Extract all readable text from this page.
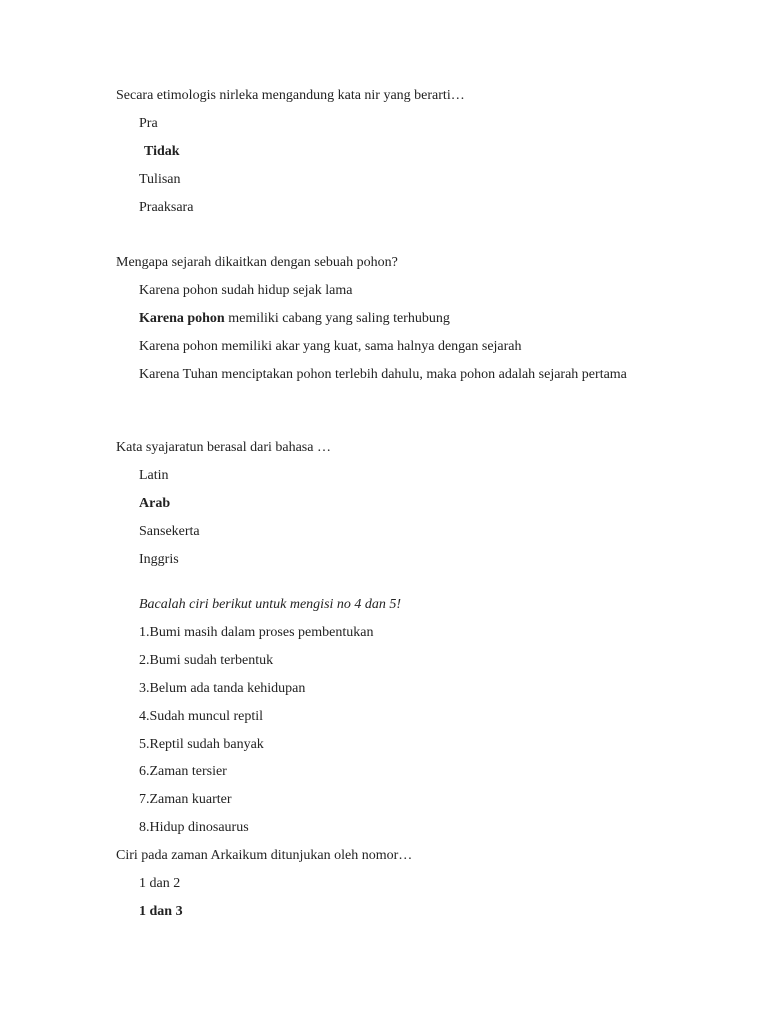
Secara etimologis nirleka mengandung kata nir yang berarti…
Pra
Tidak
Tulisan
Praaksara
Mengapa sejarah dikaitkan dengan sebuah pohon?
Karena pohon sudah hidup sejak lama
Karena pohon memiliki cabang yang saling terhubung
Karena pohon memiliki akar yang kuat, sama halnya dengan sejarah
Karena Tuhan menciptakan pohon terlebih dahulu, maka pohon adalah sejarah pertama
Kata syajaratun berasal dari bahasa …
Latin
Arab
Sansekerta
Inggris
Bacalah ciri berikut untuk mengisi no 4 dan 5!
1.Bumi masih dalam proses pembentukan
2.Bumi sudah terbentuk
3.Belum ada tanda kehidupan
4.Sudah muncul reptil
5.Reptil sudah banyak
6.Zaman tersier
7.Zaman kuarter
8.Hidup dinosaurus
Ciri pada zaman Arkaikum ditunjukan oleh nomor…
1 dan 2
1 dan 3
